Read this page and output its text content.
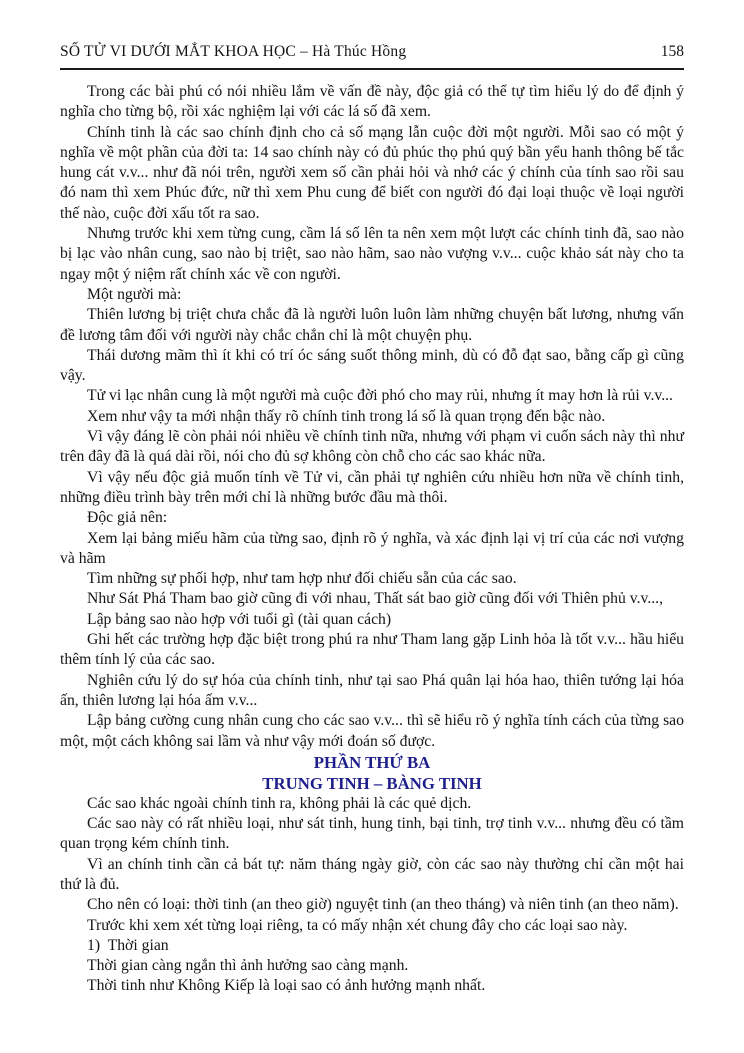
SỐ TỬ VI DƯỚI MẮT KHOA HỌC – Hà Thúc Hồng	158

Trong các bài phú có nói nhiều lắm về vấn đề này, độc giả có thể tự tìm hiểu lý do để định ý nghĩa cho từng bộ, rồi xác nghiệm lại với các lá số đã xem.

Chính tinh là các sao chính định cho cả số mạng lẫn cuộc đời một người. Mỗi sao có một ý nghĩa về một phần của đời ta: 14 sao chính này có đủ phúc thọ phú quý bần yểu hanh thông bế tắc hung cát v.v... như đã nói trên, người xem số cần phải hỏi và nhớ các ý chính của tính sao rồi sau đó nam thì xem Phúc đức, nữ thì xem Phu cung để biết con người đó đại loại thuộc về loại người thế nào, cuộc đời xấu tốt ra sao.

Nhưng trước khi xem từng cung, cầm lá số lên ta nên xem một lượt các chính tinh đã, sao nào bị lạc vào nhân cung, sao nào bị triệt, sao nào hãm, sao nào vượng v.v... cuộc khảo sát này cho ta ngay một ý niệm rất chính xác về con người.

Một người mà:

Thiên lương bị triệt chưa chắc đã là người luôn luôn làm những chuyện bất lương, nhưng vấn đề lương tâm đối với người này chắc chắn chỉ là một chuyện phụ.

Thái dương mãm thì ít khi có trí óc sáng suốt thông minh, dù có đỗ đạt sao, bằng cấp gì cũng vậy.

Tử vi lạc nhân cung là một người mà cuộc đời phó cho may rủi, nhưng ít may hơn là rủi v.v...

Xem như vậy ta mới nhận thấy rõ chính tinh trong lá số là quan trọng đến bậc nào.

Vì vậy đáng lẽ còn phải nói nhiều về chính tinh nữa, nhưng với phạm vi cuốn sách này thì như trên đây đã là quá dài rồi, nói cho đủ sợ không còn chỗ cho các sao khác nữa.

Vì vậy nếu độc giả muốn tính về Tử vi, cần phải tự nghiên cứu nhiều hơn nữa về chính tinh, những điều trình bày trên mới chỉ là những bước đầu mà thôi.

Độc giả nên:

Xem lại bảng miếu hãm của từng sao, định rõ ý nghĩa, và xác định lại vị trí của các nơi vượng và hãm

Tìm những sự phối hợp, như tam hợp như đối chiếu sẵn của các sao.

Như Sát Phá Tham bao giờ cũng đi với nhau, Thất sát bao giờ cũng đối với Thiên phủ v.v...,

Lập bảng sao nào hợp với tuổi gì (tài quan cách)

Ghi hết các trường hợp đặc biệt trong phú ra như Tham lang gặp Linh hỏa là tốt v.v... hầu hiểu thêm tính lý của các sao.

Nghiên cứu lý do sự hóa của chính tinh, như tại sao Phá quân lại hóa hao, thiên tướng lại hóa ấn, thiên lương lại hóa ấm v.v...

Lập bảng cường cung nhân cung cho các sao v.v... thì sẽ hiểu rõ ý nghĩa tính cách của từng sao một, một cách không sai lầm và như vậy mới đoán số được.

PHẦN THỨ BA

TRUNG TINH – BÀNG TINH

Các sao khác ngoài chính tinh ra, không phải là các quẻ dịch.

Các sao này có rất nhiều loại, như sát tinh, hung tinh, bại tinh, trợ tinh v.v... nhưng đều có tầm quan trọng kém chính tinh.

Vì an chính tinh cần cả bát tự: năm tháng ngày giờ, còn các sao này thường chỉ cần một hai thứ là đủ.

Cho nên có loại: thời tinh (an theo giờ) nguyệt tinh (an theo tháng) và niên tinh (an theo năm).

Trước khi xem xét từng loại riêng, ta có mấy nhận xét chung đây cho các loại sao này.

1)  Thời gian

Thời gian càng ngắn thì ảnh hưởng sao càng mạnh.

Thời tinh như Không Kiếp là loại sao có ảnh hưởng mạnh nhất.
